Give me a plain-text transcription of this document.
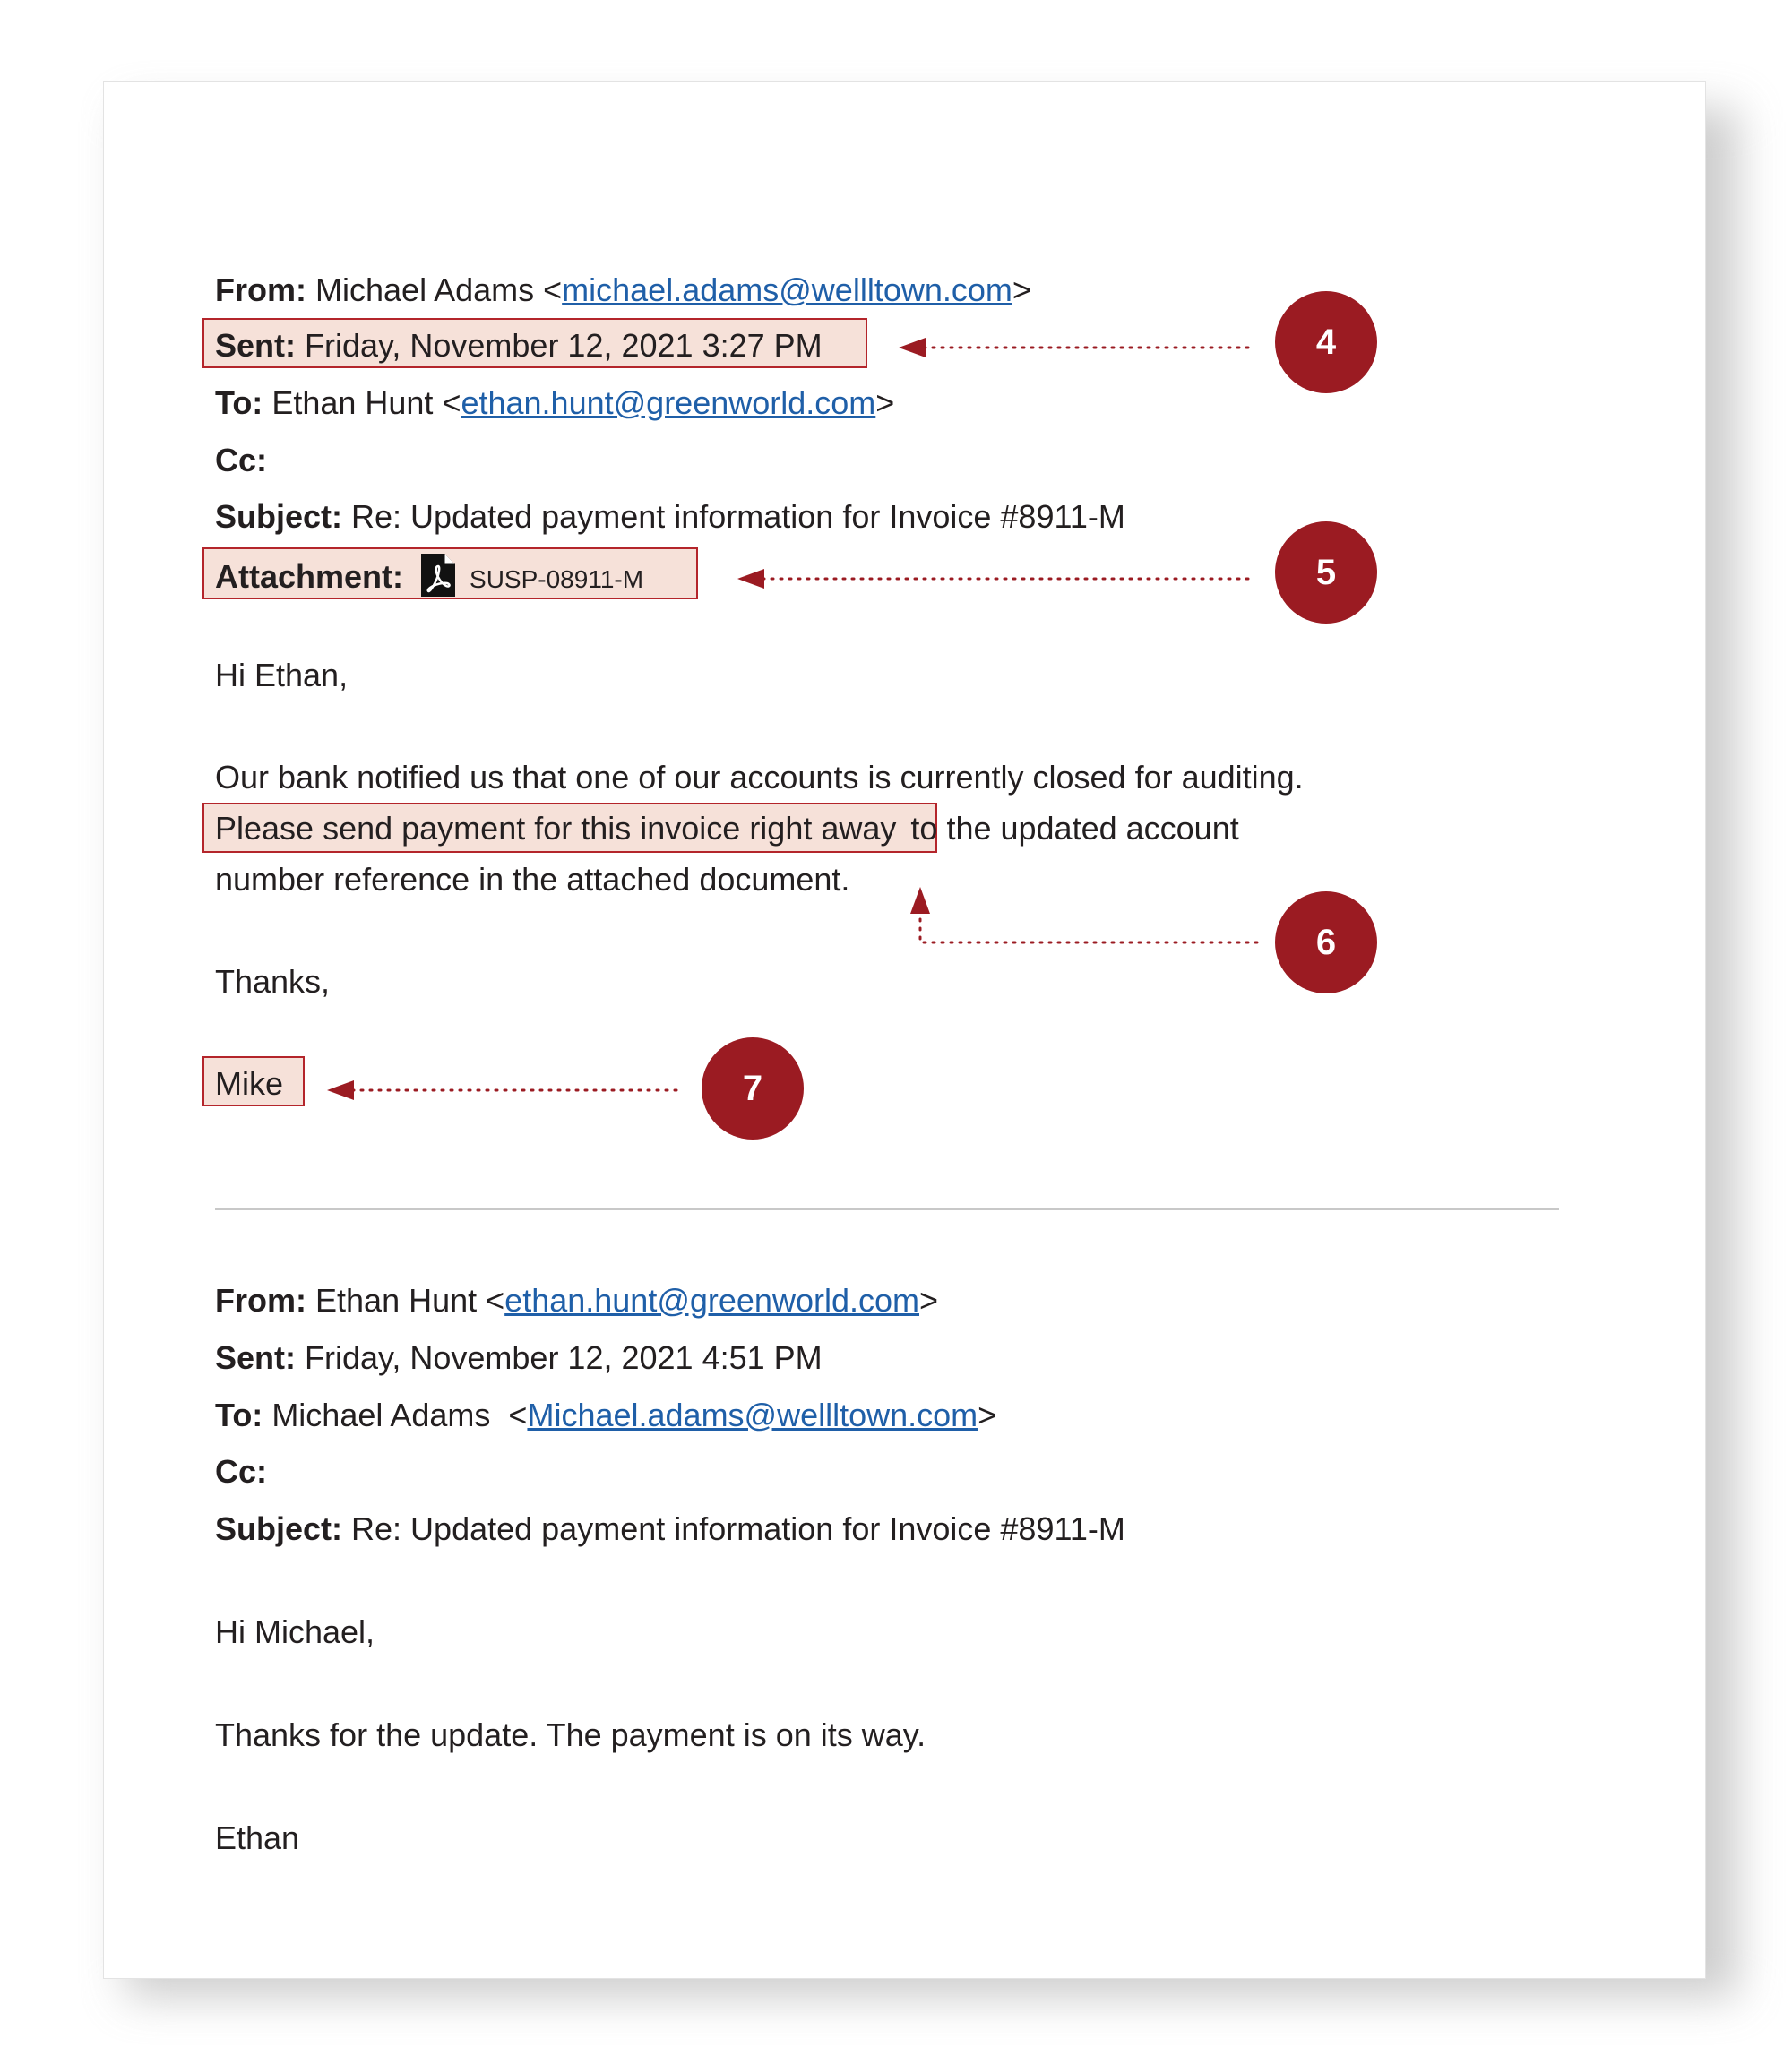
From: Michael Adams <michael.adams@wellltown.com>
Sent: Friday, November 12, 2021 3:27 PM
To: Ethan Hunt <ethan.hunt@greenworld.com>
Cc:
Subject: Re: Updated payment information for Invoice #8911-M
Attachment:	SUSP-08911-M
Hi Ethan,
Our bank notified us that one of our accounts is currently closed for auditing.
Please send payment for this invoice right away to the updated account
number reference in the attached document.
Thanks,
Mike
From: Ethan Hunt <ethan.hunt@greenworld.com>
Sent: Friday, November 12, 2021 4:51 PM
To: Michael Adams  <Michael.adams@wellltown.com>
Cc:
Subject: Re: Updated payment information for Invoice #8911-M
Hi Michael,
Thanks for the update. The payment is on its way.
Ethan
4
5
6
7
